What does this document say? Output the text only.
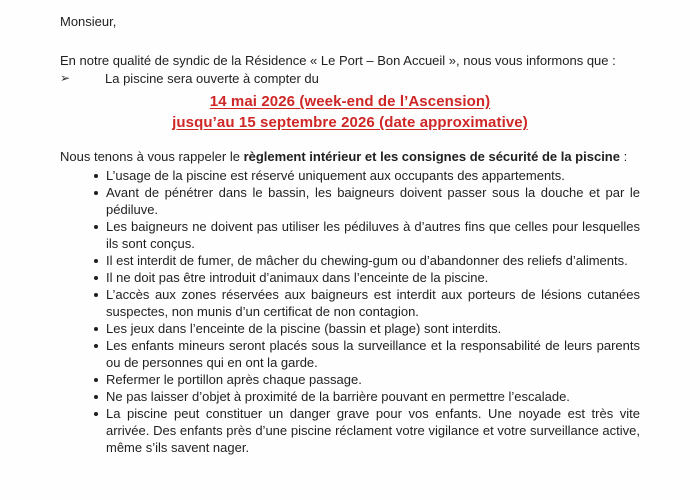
Monsieur,

En notre qualité de syndic de la Résidence « Le Port – Bon Accueil », nous vous informons que :

➢	La piscine sera ouverte à compter du
14 mai 2026 (week-end de l’Ascension)
jusqu’au 15 septembre 2026 (date approximative)

Nous tenons à vous rappeler le règlement intérieur et les consignes de sécurité de la piscine :

L’usage de la piscine est réservé uniquement aux occupants des appartements.
Avant de pénétrer dans le bassin, les baigneurs doivent passer sous la douche et par le pédiluve.
Les baigneurs ne doivent pas utiliser les pédiluves à d’autres fins que celles pour lesquelles ils sont conçus.
Il est interdit de fumer, de mâcher du chewing-gum ou d’abandonner des reliefs d’aliments.
Il ne doit pas être introduit d’animaux dans l’enceinte de la piscine.
L’accès aux zones réservées aux baigneurs est interdit aux porteurs de lésions cutanées suspectes, non munis d’un certificat de non contagion.
Les jeux dans l’enceinte de la piscine (bassin et plage) sont interdits.
Les enfants mineurs seront placés sous la surveillance et la responsabilité de leurs parents ou de personnes qui en ont la garde.
Refermer le portillon après chaque passage.
Ne pas laisser d’objet à proximité de la barrière pouvant en permettre l’escalade.
La piscine peut constituer un danger grave pour vos enfants. Une noyade est très vite arrivée. Des enfants près d’une piscine réclament votre vigilance et votre surveillance active, même s’ils savent nager.
